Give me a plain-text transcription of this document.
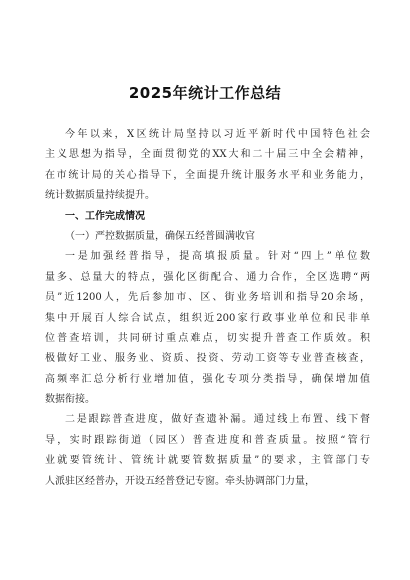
2025年统计工作总结
今年以来，X区统计局坚持以习近平新时代中国特色社会
主义思想为指导，全面贯彻党的XX大和二十届三中全会精神，
在市统计局的关心指导下，全面提升统计服务水平和业务能力，
统计数据质量持续提升。
一、工作完成情况
（一）严控数据质量，确保五经普圆满收官
一是加强经普指导，提高填报质量。针对“四上”单位数
量多、总量大的特点，强化区街配合、通力合作，全区选聘“两
员”近1200人，先后参加市、区、街业务培训和指导20余场，
集中开展百人综合试点，组织近200家行政事业单位和民非单
位普查培训，共同研讨重点难点，切实提升普查工作质效。积
极做好工业、服务业、资质、投资、劳动工资等专业普查核查，
高频率汇总分析行业增加值，强化专项分类指导，确保增加值
数据衔接。
二是跟踪普查进度，做好查遗补漏。通过线上布置、线下督
导，实时跟踪街道（园区）普查进度和普查质量。按照“管行
业就要管统计、管统计就要管数据质量”的要求，主管部门专
人派驻区经普办，开设五经普登记专窗。牵头协调部门力量，
